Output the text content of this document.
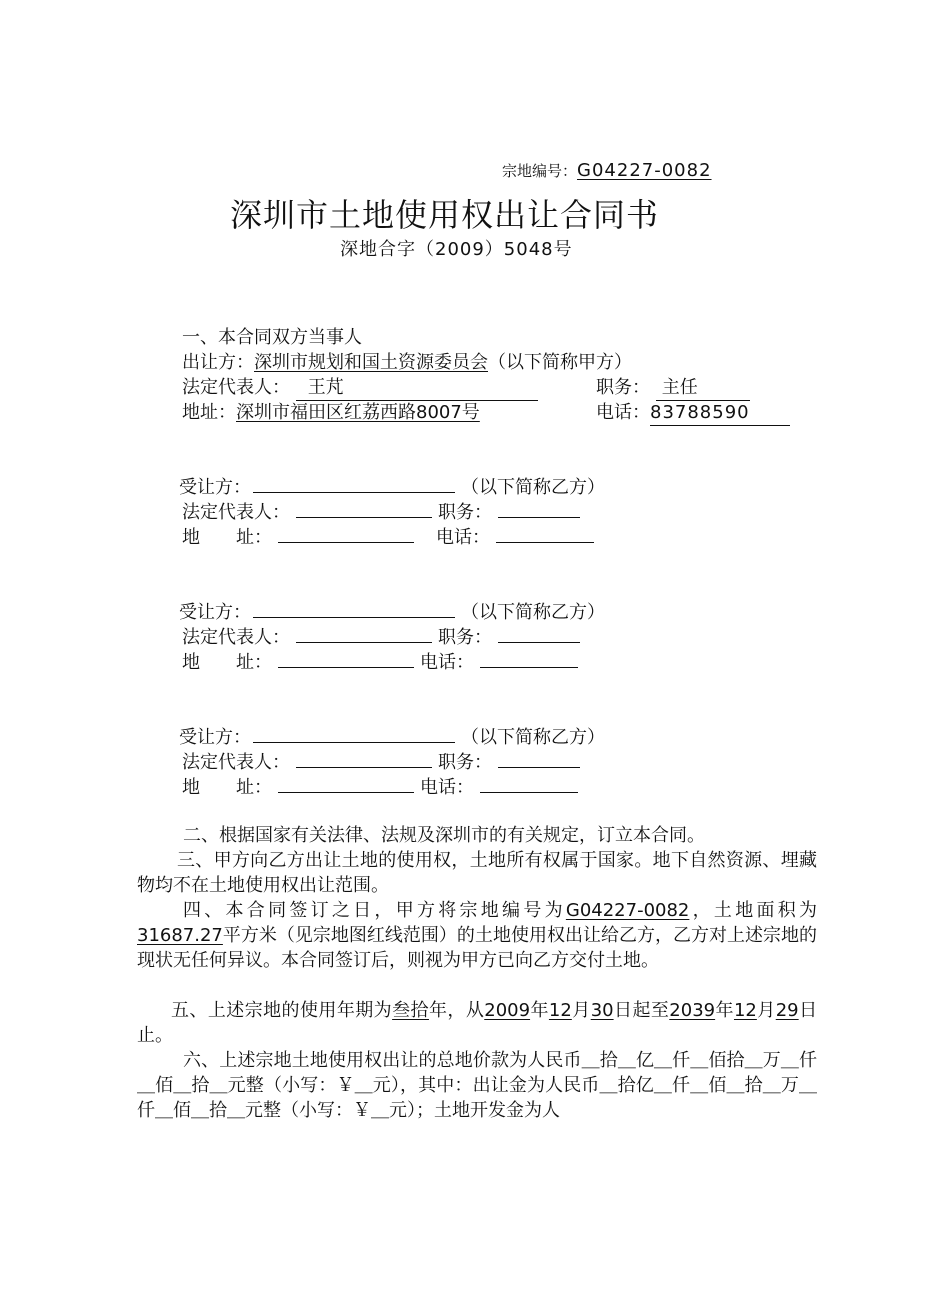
宗地编号：G04227-0082
深圳市土地使用权出让合同书
深地合字（2009）5048号
一、本合同双方当事人
出让方：深圳市规划和国土资源委员会（以下简称甲方）
法定代表人： 王芃	职务： 主任
地址：深圳市福田区红荔西路8007号	电话：83788590
受让方：	（以下简称乙方）
法定代表人：	职务：
地　　址：	电话：
受让方：	（以下简称乙方）
法定代表人：	职务：
地　　址：	电话：
受让方：	（以下简称乙方）
法定代表人：	职务：
地　　址：	电话：
二、根据国家有关法律、法规及深圳市的有关规定，订立本合同。
三、甲方向乙方出让土地的使用权，土地所有权属于国家。地下自然资源、埋藏物均不在土地使用权出让范围。
四、本合同签订之日，甲方将宗地编号为G04227-0082，土地面积为31687.27平方米（见宗地图红线范围）的土地使用权出让给乙方，乙方对上述宗地的现状无任何异议。本合同签订后，则视为甲方已向乙方交付土地。
五、上述宗地的使用年期为叁拾年，从2009年12月30日起至2039年12月29日止。
六、上述宗地土地使用权出让的总地价款为人民币＿拾＿亿＿仟＿佰拾＿万＿仟＿佰＿拾＿元整（小写：￥＿元），其中：出让金为人民币＿拾亿＿仟＿佰＿拾＿万＿仟＿佰＿拾＿元整（小写：￥＿元）；土地开发金为人
